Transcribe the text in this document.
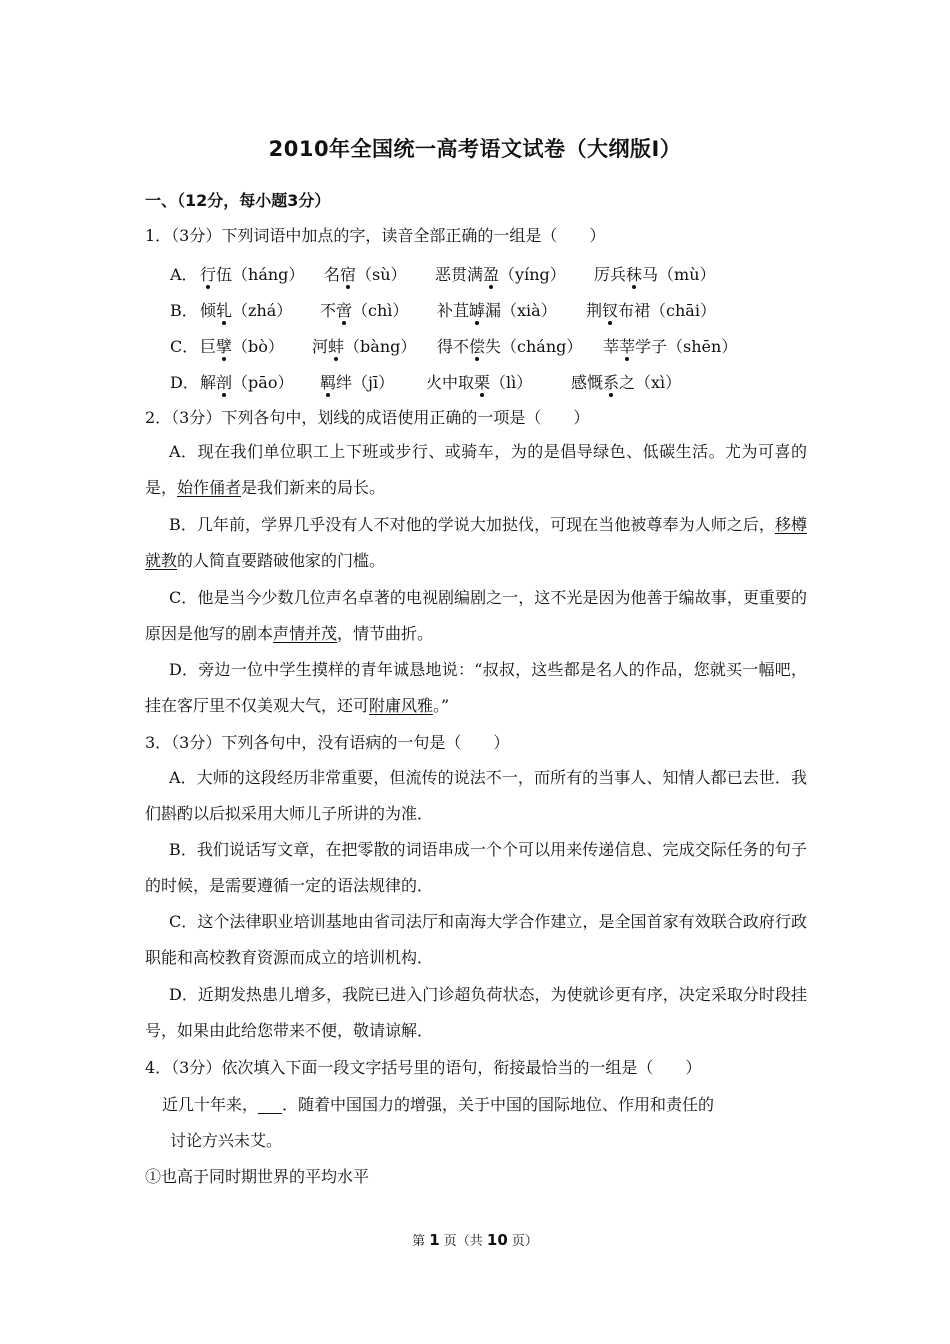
2010年全国统一高考语文试卷（大纲版Ⅰ）
一、（12分，每小题3分）
1．（3分）下列词语中加点的字，读音全部正确的一组是（　　）
A． 行伍（háng） 名宿（sù） 恶贯满盈（yíng） 厉兵秣马（mù）
B． 倾轧（zhá） 不啻（chì） 补苴罅漏（xià） 荆钗布裙（chāi）
C． 巨擘（bò） 河蚌（bàng） 得不偿失（cháng） 莘莘学子（shēn）
D． 解剖（pāo） 羁绊（jī） 火中取栗（lì） 感慨系之（xì）
2．（3分）下列各句中，划线的成语使用正确的一项是（　　）
A．现在我们单位职工上下班或步行、或骑车，为的是倡导绿色、低碳生活。尤为可喜的是，始作俑者是我们新来的局长。
B．几年前，学界几乎没有人不对他的学说大加挞伐，可现在当他被尊奉为人师之后，移樽就教的人简直要踏破他家的门槛。
C．他是当今少数几位声名卓著的电视剧编剧之一，这不光是因为他善于编故事，更重要的原因是他写的剧本声情并茂，情节曲折。
D．旁边一位中学生摸样的青年诚恳地说：“叔叔，这些都是名人的作品，您就买一幅吧，挂在客厅里不仅美观大气，还可附庸风雅。”
3．（3分）下列各句中，没有语病的一句是（　　）
A．大师的这段经历非常重要，但流传的说法不一，而所有的当事人、知情人都已去世．我们斟酌以后拟采用大师儿子所讲的为准．
B．我们说话写文章，在把零散的词语串成一个个可以用来传递信息、完成交际任务的句子的时候，是需要遵循一定的语法规律的．
C．这个法律职业培训基地由省司法厅和南海大学合作建立，是全国首家有效联合政府行政职能和高校教育资源而成立的培训机构．
D．近期发热患儿增多，我院已进入门诊超负荷状态，为使就诊更有序，决定采取分时段挂号，如果由此给您带来不便，敬请谅解．
4．（3分）依次填入下面一段文字括号里的语句，衔接最恰当的一组是（　　）
近几十年来，___．随着中国国力的增强，关于中国的国际地位、作用和责任的
讨论方兴未艾。
①也高于同时期世界的平均水平
第 1 页（共 10 页）
